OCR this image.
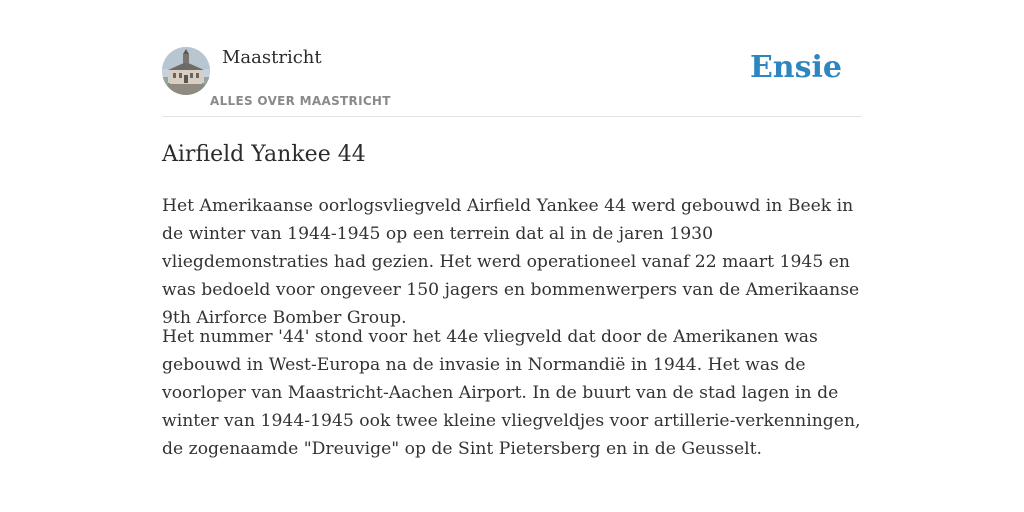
Maastricht
ALLES OVER MAASTRICHT
Ensie
Airfield Yankee 44

Het Amerikaanse oorlogsvliegveld Airfield Yankee 44 werd gebouwd in Beek in de winter van 1944-1945 op een terrein dat al in de jaren 1930 vliegdemonstraties had gezien. Het werd operationeel vanaf 22 maart 1945 en was bedoeld voor ongeveer 150 jagers en bommenwerpers van de Amerikaanse 9th Airforce Bomber Group.

Het nummer '44' stond voor het 44e vliegveld dat door de Amerikanen was gebouwd in West-Europa na de invasie in Normandië in 1944. Het was de voorloper van Maastricht-Aachen Airport. In de buurt van de stad lagen in de winter van 1944-1945 ook twee kleine vliegveldjes voor artillerie-verkenningen, de zogenaamde "Dreuvige" op de Sint Pietersberg en in de Geusselt.
